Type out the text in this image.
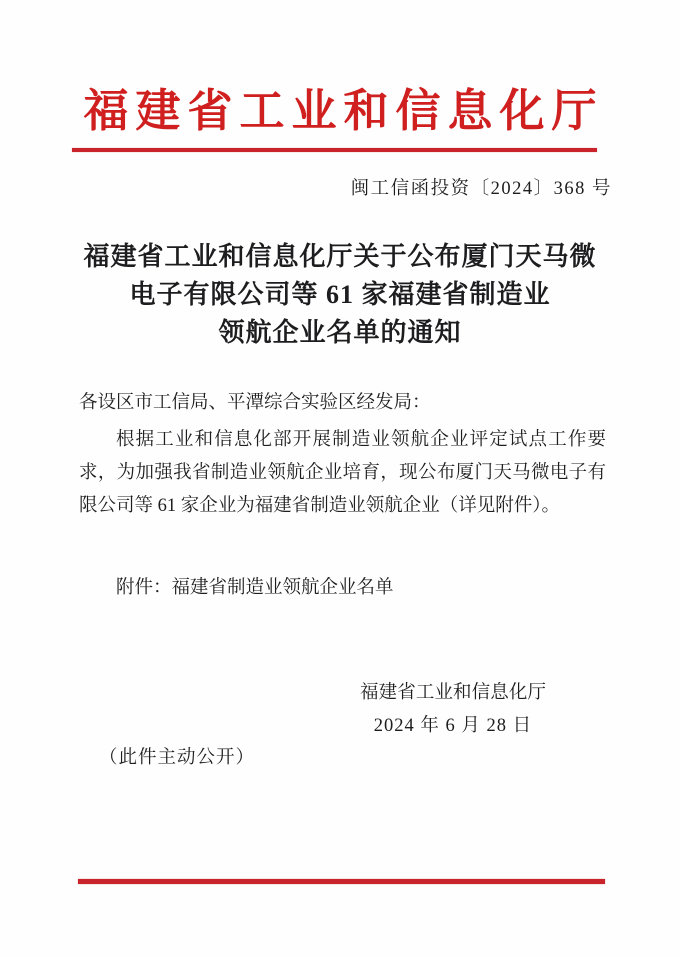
福建省工业和信息化厅
闽工信函投资〔2024〕368 号
福建省工业和信息化厅关于公布厦门天马微
电子有限公司等 61 家福建省制造业
领航企业名单的通知
各设区市工信局、平潭综合实验区经发局：
根据工业和信息化部开展制造业领航企业评定试点工作要
求，为加强我省制造业领航企业培育，现公布厦门天马微电子有
限公司等 61 家企业为福建省制造业领航企业（详见附件）。
附件：福建省制造业领航企业名单
福建省工业和信息化厅
2024 年 6 月 28 日
（此件主动公开）
